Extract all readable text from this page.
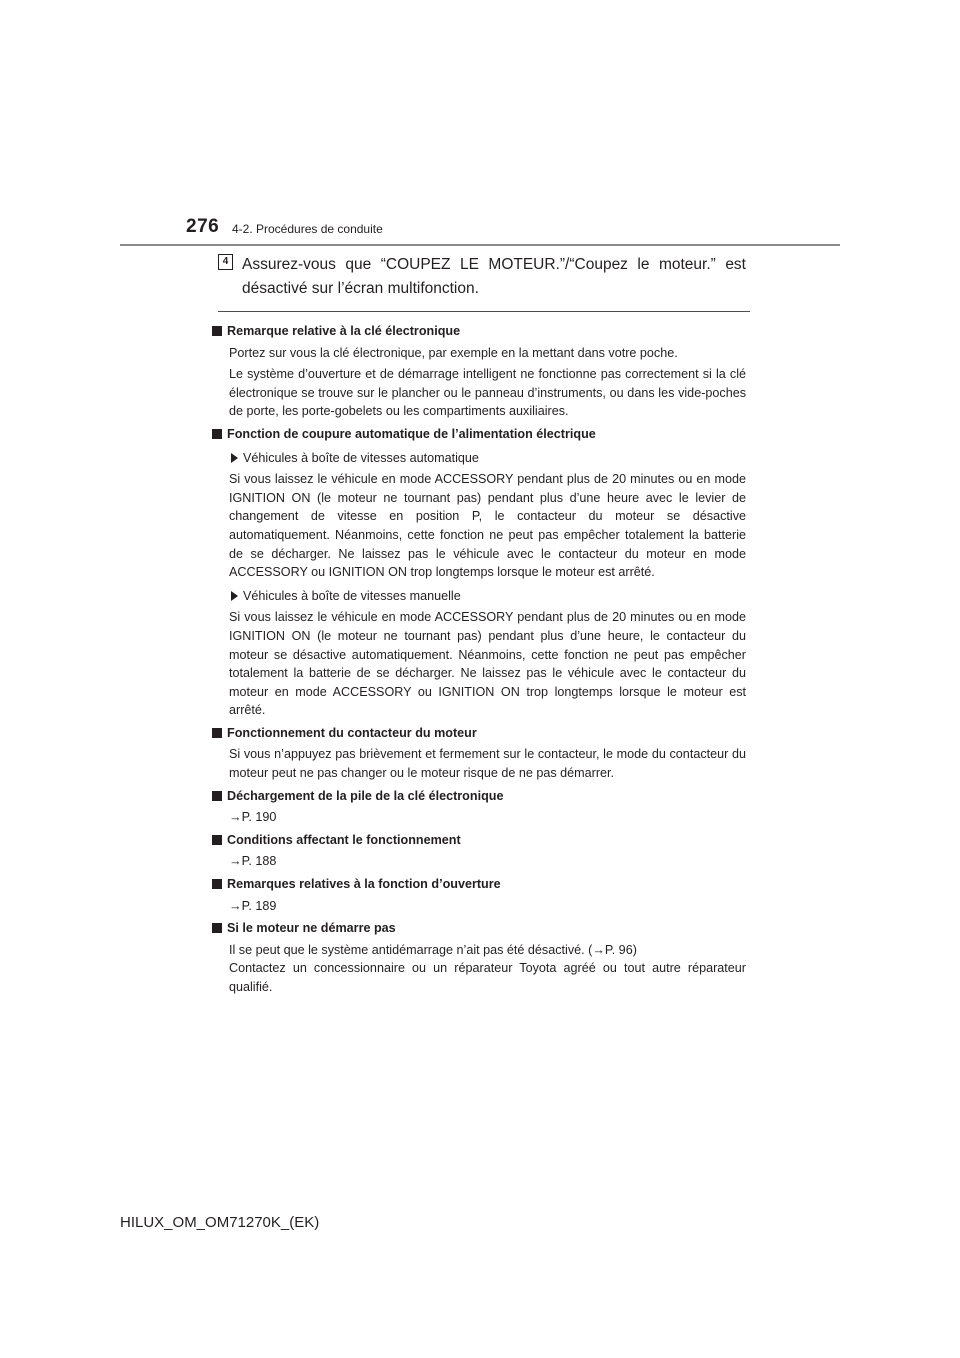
276 4-2. Procédures de conduite
4 Assurez-vous que “COUPEZ LE MOTEUR.”/“Coupez le moteur.” est désactivé sur l’écran multifonction.
Remarque relative à la clé électronique
Portez sur vous la clé électronique, par exemple en la mettant dans votre poche.
Le système d’ouverture et de démarrage intelligent ne fonctionne pas correctement si la clé électronique se trouve sur le plancher ou le panneau d’instruments, ou dans les vide-poches de porte, les porte-gobelets ou les compartiments auxiliaires.
Fonction de coupure automatique de l’alimentation électrique
Véhicules à boîte de vitesses automatique
Si vous laissez le véhicule en mode ACCESSORY pendant plus de 20 minutes ou en mode IGNITION ON (le moteur ne tournant pas) pendant plus d’une heure avec le levier de changement de vitesse en position P, le contacteur du moteur se désactive automatiquement. Néanmoins, cette fonction ne peut pas empêcher totalement la batterie de se décharger. Ne laissez pas le véhicule avec le contacteur du moteur en mode ACCESSORY ou IGNITION ON trop longtemps lorsque le moteur est arrêté.
Véhicules à boîte de vitesses manuelle
Si vous laissez le véhicule en mode ACCESSORY pendant plus de 20 minutes ou en mode IGNITION ON (le moteur ne tournant pas) pendant plus d’une heure, le contacteur du moteur se désactive automatiquement. Néanmoins, cette fonction ne peut pas empêcher totalement la batterie de se décharger. Ne laissez pas le véhicule avec le contacteur du moteur en mode ACCESSORY ou IGNITION ON trop longtemps lorsque le moteur est arrêté.
Fonctionnement du contacteur du moteur
Si vous n’appuyez pas brièvement et fermement sur le contacteur, le mode du contacteur du moteur peut ne pas changer ou le moteur risque de ne pas démarrer.
Déchargement de la pile de la clé électronique
→P. 190
Conditions affectant le fonctionnement
→P. 188
Remarques relatives à la fonction d’ouverture
→P. 189
Si le moteur ne démarre pas
Il se peut que le système antidémarrage n’ait pas été désactivé. (→P. 96)
Contactez un concessionnaire ou un réparateur Toyota agréé ou tout autre réparateur qualifié.
HILUX_OM_OM71270K_(EK)
